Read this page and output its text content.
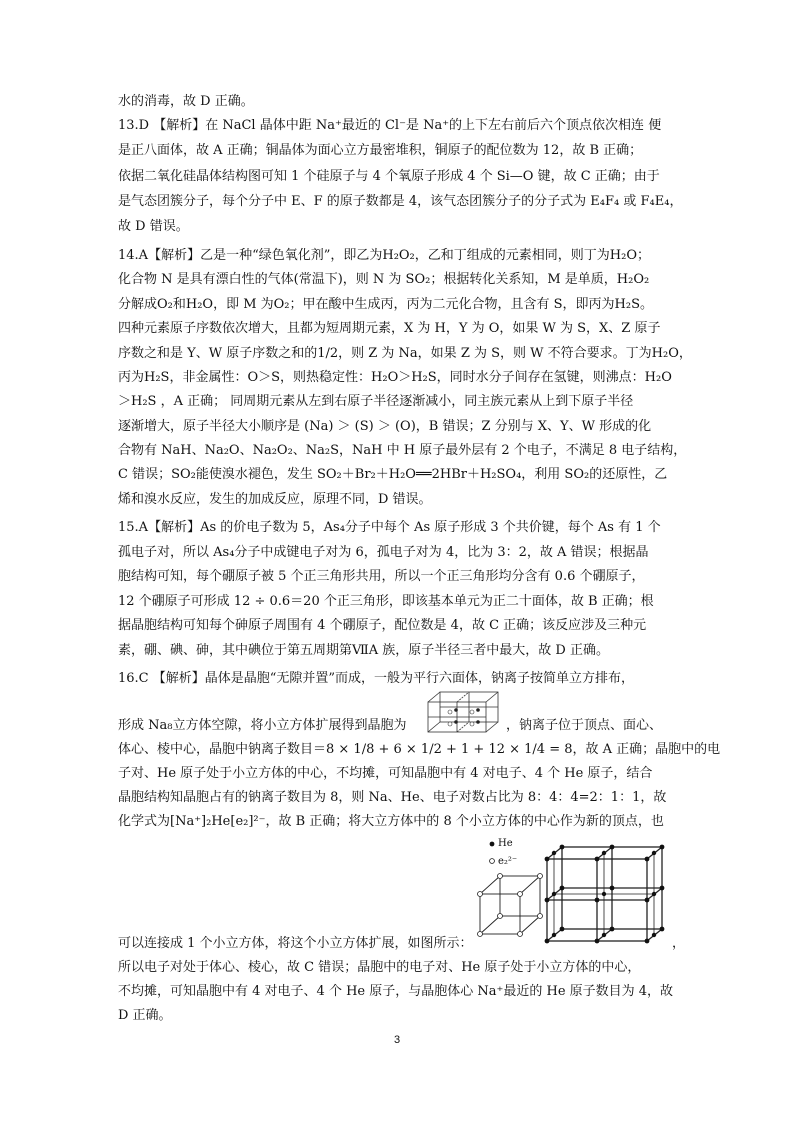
水的消毒，故 D 正确。
13.D 【解析】在 NaCl 晶体中距 Na⁺最近的 Cl⁻是 Na⁺的上下左右前后六个顶点依次相连 便
是正八面体，故 A 正确；铜晶体为面心立方最密堆积，铜原子的配位数为 12，故 B 正确；
依据二氧化硅晶体结构图可知 1 个硅原子与 4 个氧原子形成 4 个 Si—O 键，故 C 正确；由于
是气态团簇分子，每个分子中 E、F 的原子数都是 4，该气态团簇分子的分子式为 E₄F₄ 或 F₄E₄，
故 D 错误。
14.A【解析】乙是一种“绿色氧化剂”，即乙为H₂O₂，乙和丁组成的元素相同，则丁为H₂O；
化合物 N 是具有漂白性的气体(常温下)，则 N 为 SO₂；根据转化关系知，M 是单质，H₂O₂
分解成O₂和H₂O，即 M 为O₂；甲在酸中生成丙，丙为二元化合物，且含有 S，即丙为H₂S。
四种元素原子序数依次增大，且都为短周期元素，X 为 H，Y 为 O，如果 W 为 S，X、Z 原子
序数之和是 Y、W 原子序数之和的1/2，则 Z 为 Na，如果 Z 为 S，则 W 不符合要求。丁为H₂O，
丙为H₂S，非金属性：O＞S，则热稳定性：H₂O＞H₂S，同时水分子间存在氢键，则沸点：H₂O
＞H₂S ，A 正确； 同周期元素从左到右原子半径逐渐减小，同主族元素从上到下原子半径
逐渐增大，原子半径大小顺序是 (Na) ＞ (S) ＞ (O)，B 错误；Z 分别与 X、Y、W 形成的化
合物有 NaH、Na₂O、Na₂O₂、Na₂S，NaH 中 H 原子最外层有 2 个电子，不满足 8 电子结构，
C 错误；SO₂能使溴水褪色，发生 SO₂＋Br₂＋H₂O══2HBr＋H₂SO₄，利用 SO₂的还原性，乙
烯和溴水反应，发生的加成反应，原理不同，D 错误。
15.A【解析】As 的价电子数为 5，As₄分子中每个 As 原子形成 3 个共价键，每个 As 有 1 个
孤电子对，所以 As₄分子中成键电子对为 6，孤电子对为 4，比为 3：2，故 A 错误；根据晶
胞结构可知，每个硼原子被 5 个正三角形共用，所以一个正三角形均分含有 0.6 个硼原子，
12 个硼原子可形成 12 ÷ 0.6＝20 个正三角形，即该基本单元为正二十面体，故 B 正确；根
据晶胞结构可知每个砷原子周围有 4 个硼原子，配位数是 4，故 C 正确；该反应涉及三种元
素，硼、碘、砷，其中碘位于第五周期第ⅦA 族，原子半径三者中最大，故 D 正确。
16.C 【解析】晶体是晶胞“无隙并置”而成，一般为平行六面体，钠离子按简单立方排布，
形成 Na₈立方体空隙，将小立方体扩展得到晶胞为	，钠离子位于顶点、面心、
体心、棱中心，晶胞中钠离子数目＝8 × 1/8 + 6 × 1/2 + 1 + 12 × 1/4 = 8，故 A 正确；晶胞中的电
子对、He 原子处于小立方体的中心，不均摊，可知晶胞中有 4 对电子、4 个 He 原子，结合
晶胞结构知晶胞占有的钠离子数目为 8，则 Na、He、电子对数占比为 8：4：4=2：1：1，故
化学式为[Na⁺]₂He[e₂]²⁻，故 B 正确；将大立方体中的 8 个小立方体的中心作为新的顶点，也
可以连接成 1 个小立方体，将这个小立方体扩展，如图所示：	，
所以电子对处于体心、棱心，故 C 错误；晶胞中的电子对、He 原子处于小立方体的中心，
不均摊，可知晶胞中有 4 对电子、4 个 He 原子，与晶胞体心 Na⁺最近的 He 原子数目为 4，故
D 正确。
He
e₂²⁻
3
